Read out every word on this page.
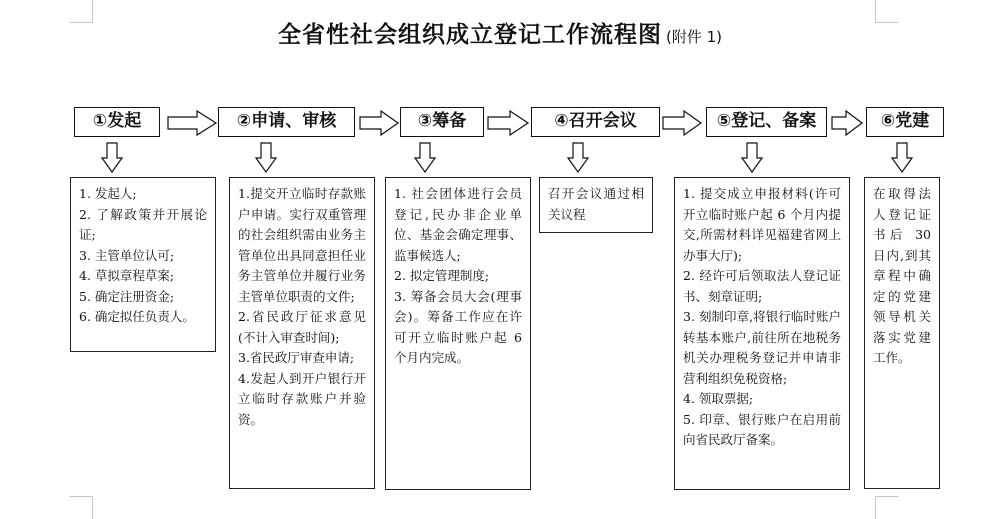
全省性社会组织成立登记工作流程图 (附件 1)
①发起	②申请、审核	③筹备	④召开会议	⑤登记、备案	⑥党建

1. 发起人;

2. 了解政策并开展论证;

3. 主管单位认可;

4. 草拟章程草案;

5. 确定注册资金;

6. 确定拟任负责人。

1.提交开立临时存款账户申请。实行双重管理的社会组织需由业务主管单位出具同意担任业务主管单位并履行业务主管单位职责的文件;

2.省民政厅征求意见(不计入审查时间);

3.省民政厅审查申请;

4.发起人到开户银行开立临时存款账户并验资。

1. 社会团体进行会员登记,民办非企业单位、基金会确定理事、监事候选人;

2. 拟定管理制度;

3. 筹备会员大会(理事会)。筹备工作应在许可开立临时账户起 6 个月内完成。

召开会议通过相关议程

1. 提交成立申报材料(许可开立临时账户起 6 个月内提交,所需材料详见福建省网上办事大厅);

2. 经许可后领取法人登记证书、刻章证明;

3. 刻制印章,将银行临时账户转基本账户,前往所在地税务机关办理税务登记并申请非营利组织免税资格;

4. 领取票据;

5. 印章、银行账户在启用前向省民政厅备案。

在取得法人登记证书后 30 日内,到其章程中确定的党建领导机关落实党建工作。
